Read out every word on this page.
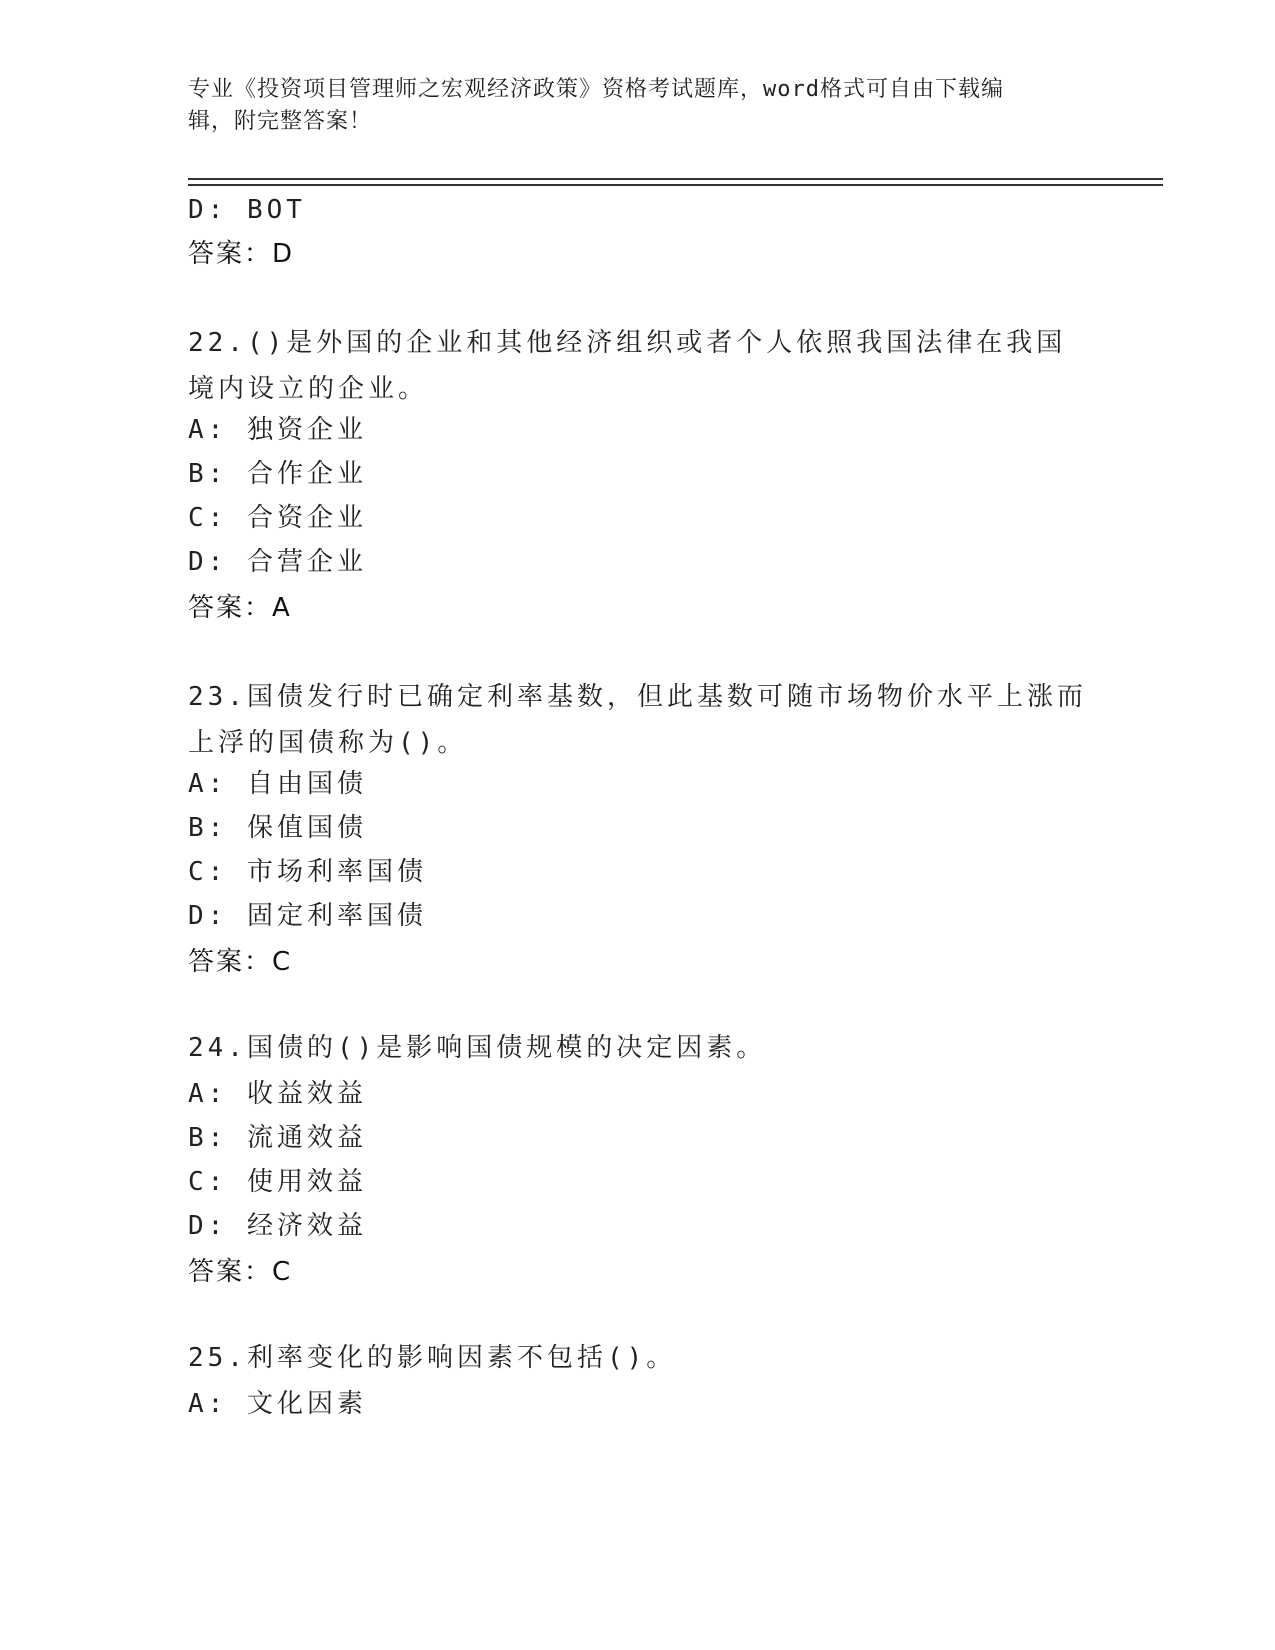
专业《投资项目管理师之宏观经济政策》资格考试题库，word格式可自由下载编
辑，附完整答案！
D: BOT
答案：D
22.()是外国的企业和其他经济组织或者个人依照我国法律在我国境内设立的企业。
A: 独资企业
B: 合作企业
C: 合资企业
D: 合营企业
答案：A
23.国债发行时已确定利率基数，但此基数可随市场物价水平上涨而上浮的国债称为()。
A: 自由国债
B: 保值国债
C: 市场利率国债
D: 固定利率国债
答案：C
24.国债的()是影响国债规模的决定因素。
A: 收益效益
B: 流通效益
C: 使用效益
D: 经济效益
答案：C
25.利率变化的影响因素不包括()。
A: 文化因素
